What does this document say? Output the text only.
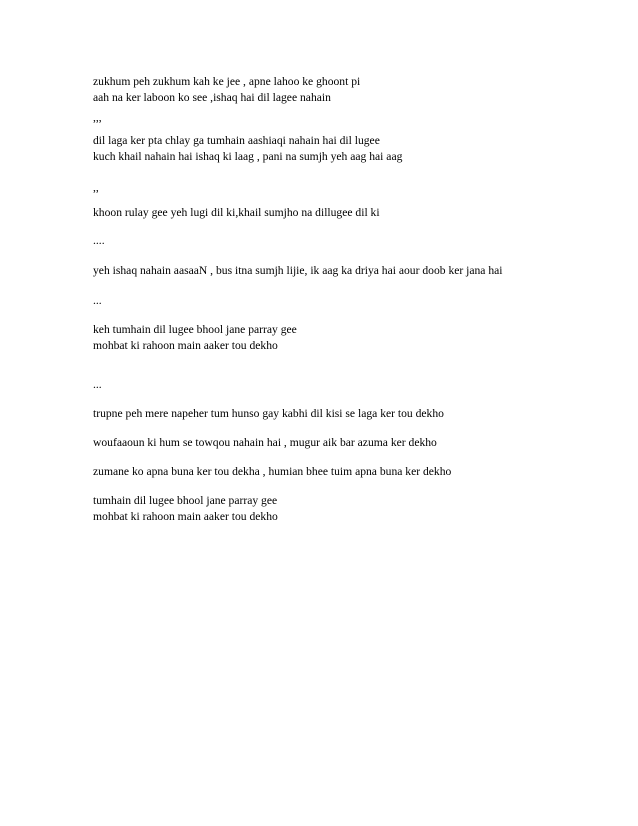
zukhum peh zukhum kah ke jee , apne lahoo ke ghoont pi
aah na ker laboon ko see ,ishaq hai dil lagee nahain
,,,
dil laga ker pta chlay ga tumhain aashiaqi nahain hai dil lugee
kuch khail nahain hai ishaq ki laag , pani na sumjh yeh aag hai aag
,,
khoon rulay gee yeh lugi dil ki,khail sumjho na dillugee dil ki
....
yeh ishaq nahain aasaaN , bus itna sumjh lijie, ik aag ka driya hai aour doob ker jana hai
...
keh tumhain dil lugee bhool jane parray gee
mohbat ki rahoon main aaker tou dekho
...
trupne peh mere napeher tum hunso gay kabhi dil kisi se laga ker tou dekho
woufaaoun ki hum se towqou nahain hai , mugur aik bar azuma ker dekho
zumane ko apna buna ker tou dekha , humian bhee tuim apna buna ker dekho
tumhain dil lugee bhool jane parray gee
mohbat ki rahoon main aaker tou dekho
